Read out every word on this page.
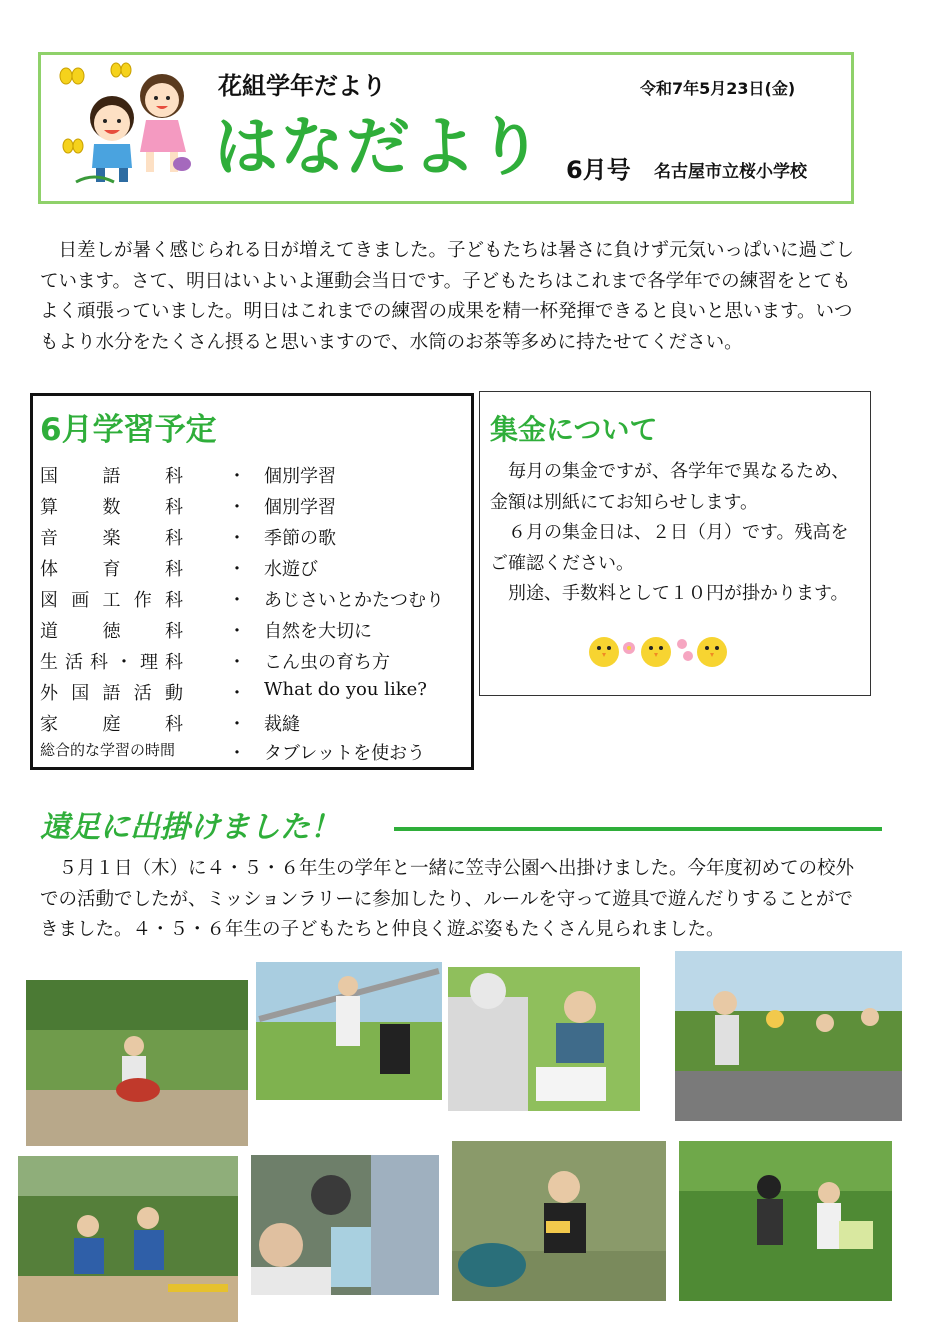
花組学年だより
はなだより
令和7年5月23日(金)
6月号 名古屋市立桜小学校

日差しが暑く感じられる日が増えてきました。子どもたちは暑さに負けず元気いっぱいに過ごしています。さて、明日はいよいよ運動会当日です。子どもたちはこれまで各学年での練習をとてもよく頑張っていました。明日はこれまでの練習の成果を精一杯発揮できると良いと思います。いつもより水分をたくさん摂ると思いますので、水筒のお茶等多めに持たせてください。

6月学習予定
国語科	・ 個別学習
算数科	・ 個別学習
音楽科	・ 季節の歌
体育科	・ 水遊び
図画工作科	・ あじさいとかたつむり
道徳科	・ 自然を大切に
生活科・理科	・ こん虫の育ち方
外国語活動	・ What do you like?
家庭科	・ 裁縫
総合的な学習の時間	・ タブレットを使おう
集金について

毎月の集金ですが、各学年で異なるため、金額は別紙にてお知らせします。

６月の集金日は、２日（月）です。残高をご確認ください。

別途、手数料として１０円が掛かります。

遠足に出掛けました！

５月１日（木）に４・５・６年生の学年と一緒に笠寺公園へ出掛けました。今年度初めての校外での活動でしたが、ミッションラリーに参加したり、ルールを守って遊具で遊んだりすることができました。４・５・６年生の子どもたちと仲良く遊ぶ姿もたくさん見られました。
